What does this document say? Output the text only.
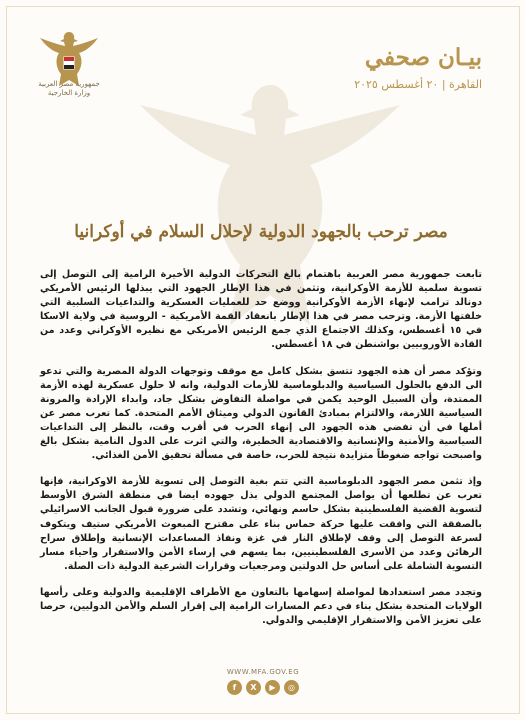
جمهورية مصر العربية
وزارة الخارجية
بيـان صحفي
القاهرة | ٢٠ أغسطس ٢٠٢٥
مصر ترحب بالجهود الدولية لإحلال السلام في أوكرانيا

تابعت جمهورية مصر العربية باهتمام بالغ التحركات الدولية الأخيرة الرامية إلى التوصل إلى تسوية سلمية للأزمة الأوكرانية، وتثمن في هذا الإطار الجهود التي يبذلها الرئيس الأمريكي دونالد ترامب لإنهاء الأزمة الأوكرانية ووضع حد للعمليات العسكرية والتداعيات السلبية التي خلفتها الأزمة. وترحب مصر في هذا الإطار بانعقاد القمة الأمريكية - الروسية في ولاية الاسكا في ١٥ أغسطس، وكذلك الاجتماع الذي جمع الرئيس الأمريكي مع نظيره الأوكراني وعدد من القادة الأوروبيين بواشنطن في ١٨ أغسطس.

وتؤكد مصر أن هذه الجهود تتسق بشكل كامل مع موقف وتوجهات الدولة المصرية والتي تدعو الى الدفع بالحلول السياسية والدبلوماسية للأزمات الدولية، وانه لا حلول عسكرية لهذه الأزمة الممتدة، وأن السبيل الوحيد يكمن في مواصلة التفاوض بشكل جاد، وابداء الإرادة والمرونة السياسية اللازمة، والالتزام بمبادئ القانون الدولي وميثاق الأمم المتحدة. كما تعرب مصر عن أملها في أن تفضي هذه الجهود الى إنهاء الحرب في أقرب وقت، بالنظر إلى التداعيات السياسية والأمنية والإنسانية والاقتصادية الخطيرة، والتي اثرت على الدول النامية بشكل بالغ واصبحت تواجه ضغوطاً متزايدة نتيجة للحرب، خاصة في مسألة تحقيق الأمن الغذائي.

وإذ تثمن مصر الجهود الدبلوماسية التي تتم بغية التوصل إلى تسوية للأزمة الاوكرانية، فإنها تعرب عن تطلعها أن يواصل المجتمع الدولي بذل جهوده ايضا في منطقة الشرق الأوسط لتسوية القضية الفلسطينية بشكل حاسم ونهائي، وتشدد على ضرورة قبول الجانب الاسرائيلي بالصفقة التي وافقت عليها حركة حماس بناء على مقترح المبعوث الأمريكي ستيف ويتكوف لسرعة التوصل إلى وقف لإطلاق النار في غزة ونفاذ المساعدات الإنسانية وإطلاق سراح الرهائن وعدد من الأسرى الفلسطينيين، بما يسهم في إرساء الأمن والاستقرار واحياء مسار التسوية الشاملة على أساس حل الدولتين ومرجعيات وقرارات الشرعية الدولية ذات الصلة.

وتجدد مصر استعدادها لمواصلة إسهامها بالتعاون مع الأطراف الإقليمية والدولية وعلى رأسها الولايات المتحدة بشكل بناء في دعم المسارات الرامية إلى إقرار السلم والأمن الدوليين، حرصا على تعزيز الأمن والاستقرار الإقليمي والدولي.

WWW.MFA.GOV.EG
f	X	▶	◎
